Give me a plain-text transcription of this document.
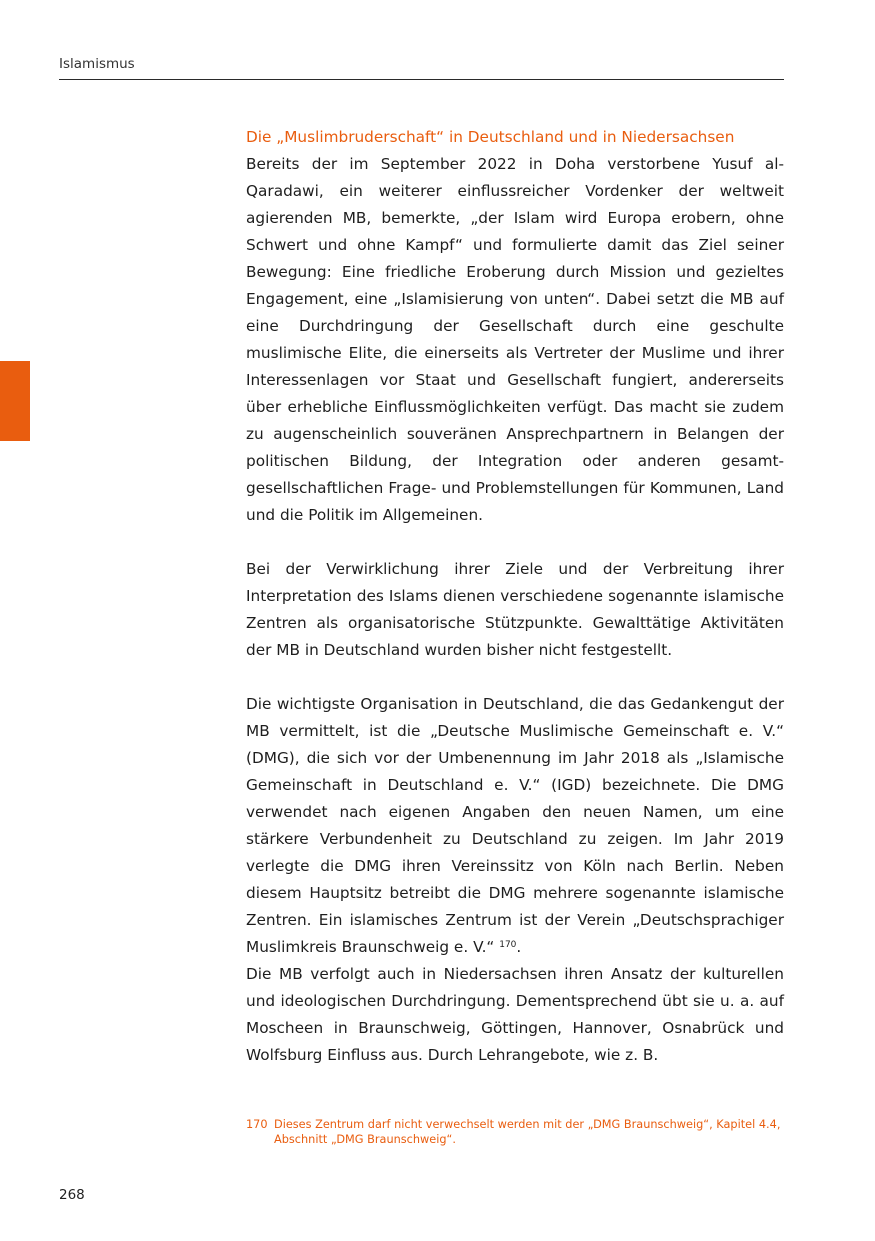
Islamismus
Die „Muslimbruderschaft“ in Deutschland und in Niedersachsen

Bereits der im September 2022 in Doha verstorbene Yusuf al-Qaradawi, ein weiterer einflussreicher Vordenker der weltweit agierenden MB, bemerkte, „der Islam wird Europa erobern, ohne Schwert und ohne Kampf“ und formulierte damit das Ziel seiner Bewegung: Eine friedliche Eroberung durch Mission und gezieltes Engagement, eine „Islamisierung von unten“. Dabei setzt die MB auf eine Durchdringung der Gesellschaft durch eine geschulte muslimische Elite, die einerseits als Vertreter der Muslime und ihrer Interessenlagen vor Staat und Gesellschaft fungiert, andererseits über erhebliche Einflussmöglichkeiten verfügt. Das macht sie zudem zu augenscheinlich souveränen Ansprechpartnern in Belangen der politischen Bildung, der Integration oder anderen gesamt-gesellschaftlichen Frage- und Problemstellungen für Kommunen, Land und die Politik im Allgemeinen.

Bei der Verwirklichung ihrer Ziele und der Verbreitung ihrer Interpretation des Islams dienen verschiedene sogenannte islamische Zentren als organisatorische Stützpunkte. Gewalttätige Aktivitäten der MB in Deutschland wurden bisher nicht festgestellt.

Die wichtigste Organisation in Deutschland, die das Gedankengut der MB vermittelt, ist die „Deutsche Muslimische Gemeinschaft e. V.“ (DMG), die sich vor der Umbenennung im Jahr 2018 als „Islamische Gemeinschaft in Deutschland e. V.“ (IGD) bezeichnete. Die DMG verwendet nach eigenen Angaben den neuen Namen, um eine stärkere Verbundenheit zu Deutschland zu zeigen. Im Jahr 2019 verlegte die DMG ihren Vereinssitz von Köln nach Berlin. Neben diesem Hauptsitz betreibt die DMG mehrere sogenannte islamische Zentren. Ein islamisches Zentrum ist der Verein „Deutschsprachiger Muslimkreis Braunschweig e. V.“ $^{170}$.

Die MB verfolgt auch in Niedersachsen ihren Ansatz der kulturellen und ideologischen Durchdringung. Dementsprechend übt sie u. a. auf Moscheen in Braunschweig, Göttingen, Hannover, Osnabrück und Wolfsburg Einfluss aus. Durch Lehrangebote, wie z. B.

170 Dieses Zentrum darf nicht verwechselt werden mit der „DMG Braunschweig“, Kapitel 4.4, Abschnitt „DMG Braunschweig“.
268
